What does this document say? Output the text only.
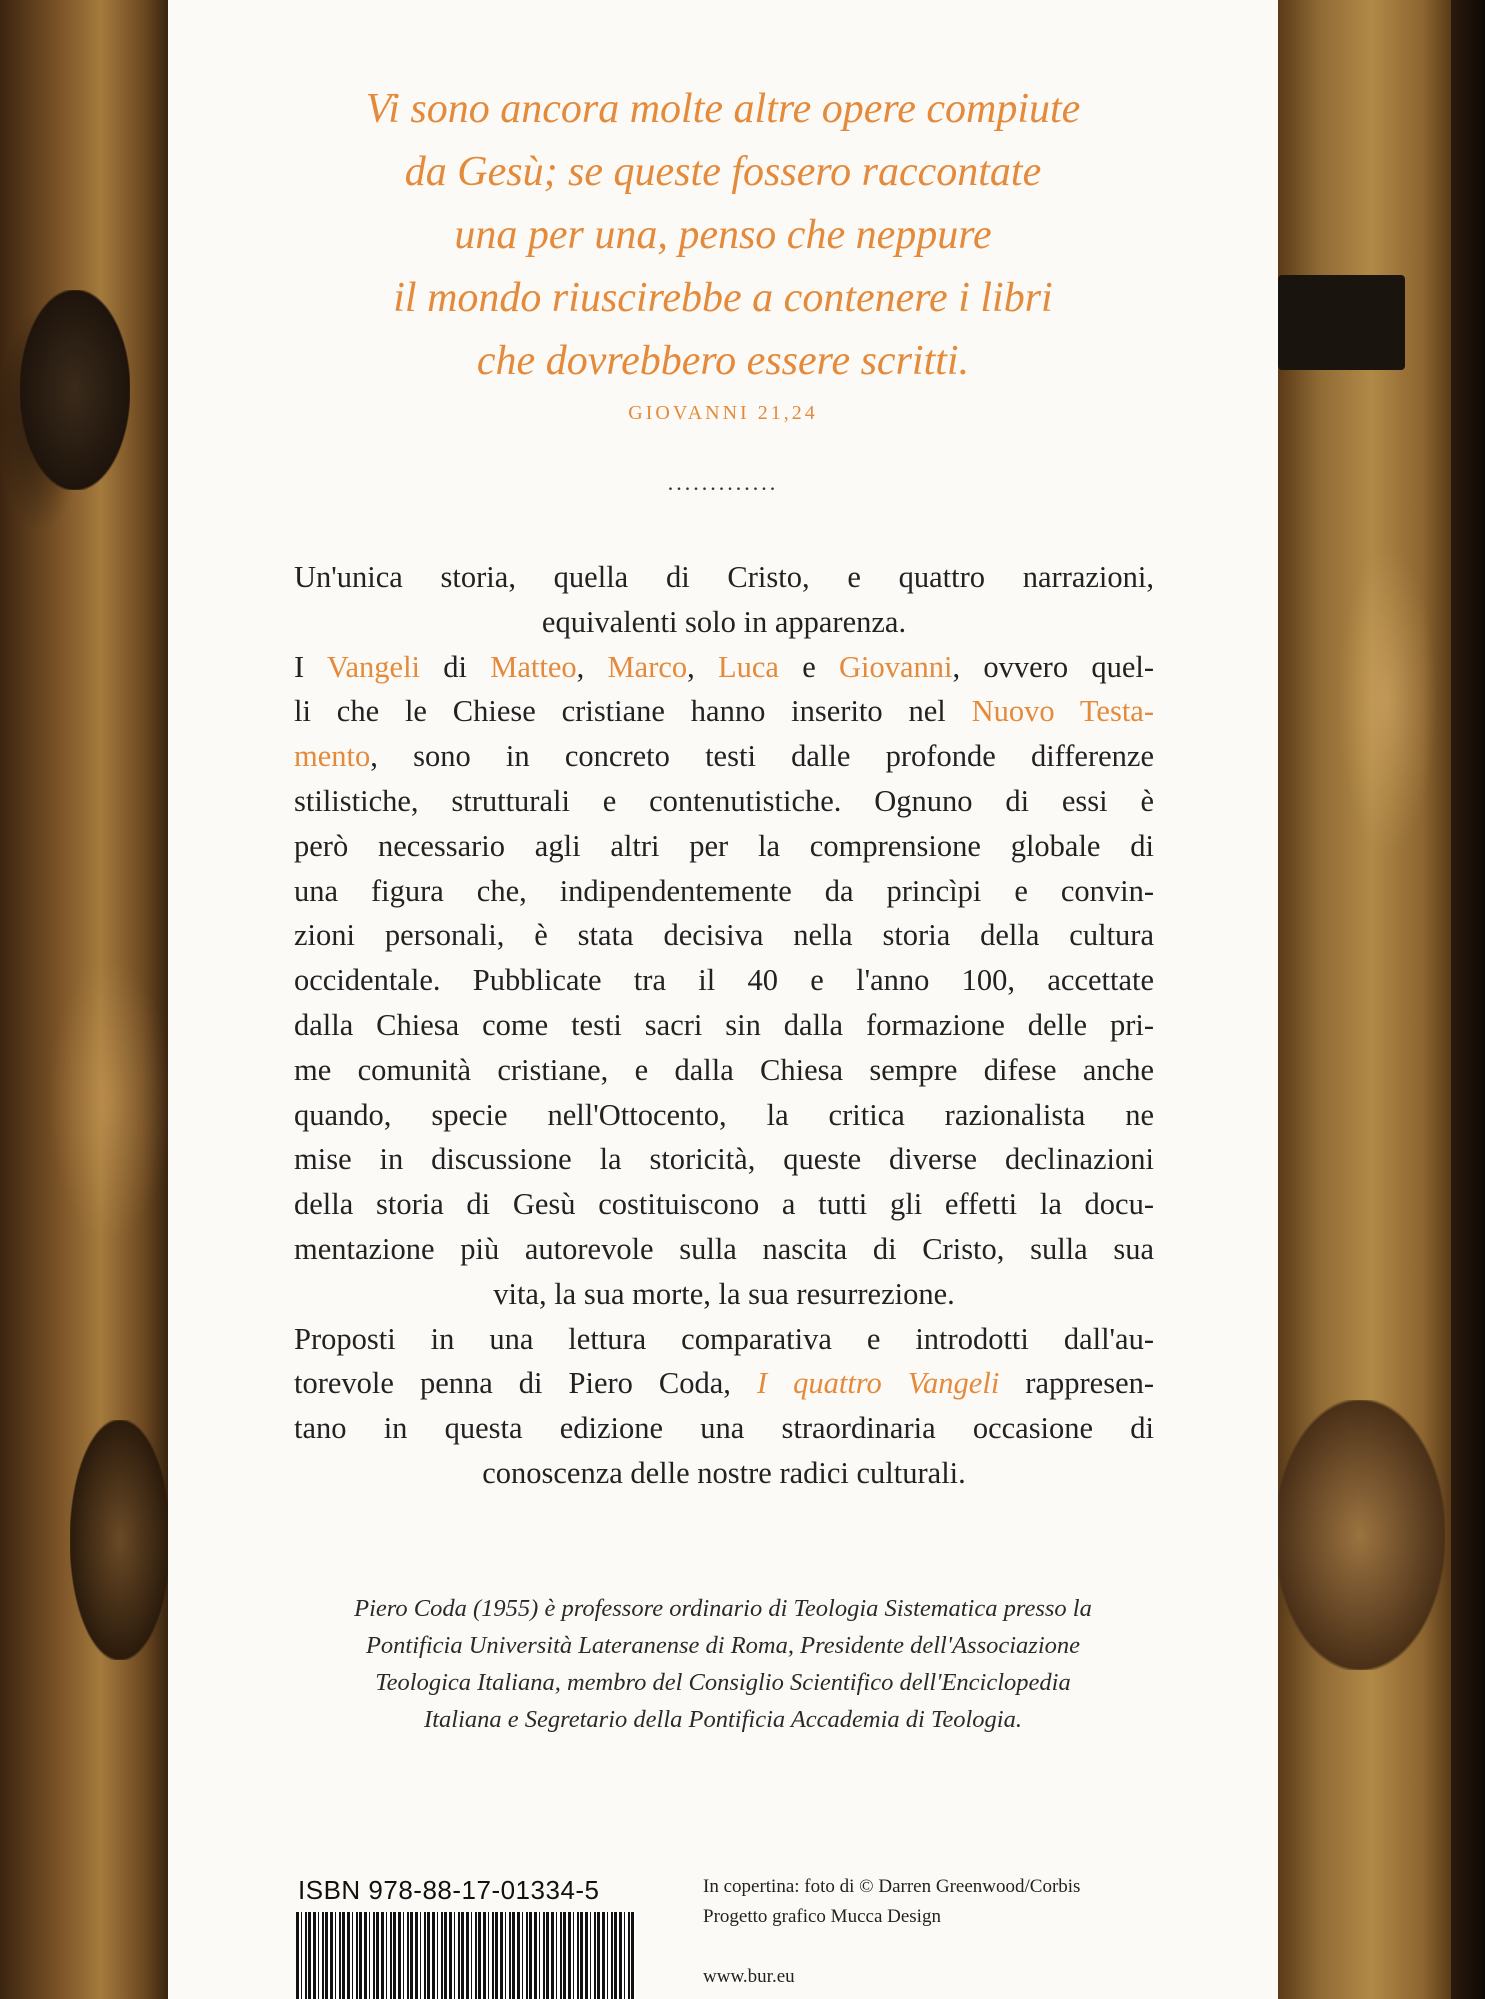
Vi sono ancora molte altre opere compiute
da Gesù; se queste fossero raccontate
una per una, penso che neppure
il mondo riuscirebbe a contenere i libri
che dovrebbero essere scritti.
GIOVANNI 21,24
.............
Un'unica storia, quella di Cristo, e quattro narrazioni,
equivalenti solo in apparenza.
I Vangeli di Matteo, Marco, Luca e Giovanni, ovvero quel-
li che le Chiese cristiane hanno inserito nel Nuovo Testa-
mento, sono in concreto testi dalle profonde differenze
stilistiche, strutturali e contenutistiche. Ognuno di essi è
però necessario agli altri per la comprensione globale di
una figura che, indipendentemente da princìpi e convin-
zioni personali, è stata decisiva nella storia della cultura
occidentale. Pubblicate tra il 40 e l'anno 100, accettate
dalla Chiesa come testi sacri sin dalla formazione delle pri-
me comunità cristiane, e dalla Chiesa sempre difese anche
quando, specie nell'Ottocento, la critica razionalista ne
mise in discussione la storicità, queste diverse declinazioni
della storia di Gesù costituiscono a tutti gli effetti la docu-
mentazione più autorevole sulla nascita di Cristo, sulla sua
vita, la sua morte, la sua resurrezione.
Proposti in una lettura comparativa e introdotti dall'au-
torevole penna di Piero Coda, I quattro Vangeli rappresen-
tano in questa edizione una straordinaria occasione di
conoscenza delle nostre radici culturali.
Piero Coda (1955) è professore ordinario di Teologia Sistematica presso la
Pontificia Università Lateranense di Roma, Presidente dell'Associazione
Teologica Italiana, membro del Consiglio Scientifico dell'Enciclopedia
Italiana e Segretario della Pontificia Accademia di Teologia.
ISBN 978-88-17-01334-5	In copertina: foto di © Darren Greenwood/Corbis
Progetto grafico Mucca Design
www.bur.eu
